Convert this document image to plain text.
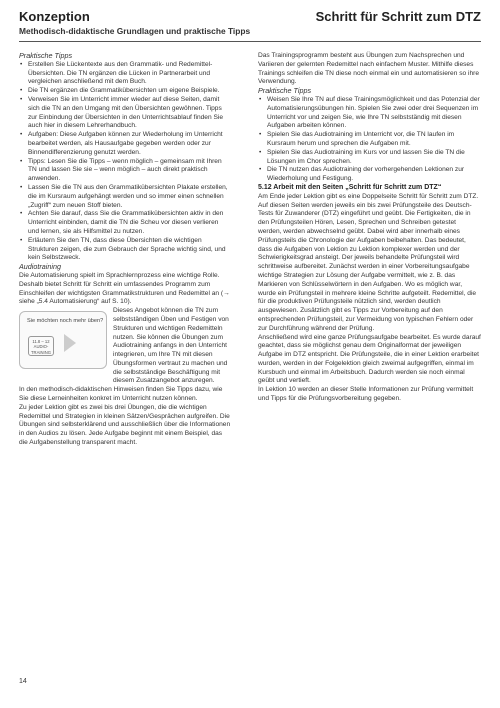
Konzeption
Methodisch-didaktische Grundlagen und praktische Tipps
Schritt für Schritt zum DTZ

Praktische Tipps

• Erstellen Sie Lückentexte aus den Grammatik- und Redemittel-Übersichten. Die TN ergänzen die Lücken in Partnerarbeit und vergleichen anschließend mit dem Buch.
• Die TN ergänzen die Grammatikübersichten um eigene Beispiele.
• Verweisen Sie im Unterricht immer wieder auf diese Seiten, damit sich die TN an den Umgang mit den Übersichten gewöhnen. Tipps zur Einbindung der Übersichten in den Unterrichtsablauf finden Sie auch hier in diesem Lehrerhandbuch.
• Aufgaben: Diese Aufgaben können zur Wiederholung im Unterricht bearbeitet werden, als Hausaufgabe gegeben werden oder zur Binnendifferenzierung genutzt werden.
• Tipps: Lesen Sie die Tipps – wenn möglich – gemeinsam mit Ihren TN und lassen Sie sie – wenn möglich – auch direkt praktisch anwenden.
• Lassen Sie die TN aus den Grammatikübersichten Plakate erstellen, die im Kursraum aufgehängt werden und so immer einen schnellen „Zugriff“ zum neuen Stoff bieten.
• Achten Sie darauf, dass Sie die Grammatikübersichten aktiv in den Unterricht einbinden, damit die TN die Scheu vor diesen verlieren und lernen, sie als Hilfsmittel zu nutzen.
• Erläutern Sie den TN, dass diese Übersichten die wichtigen Strukturen zeigen, die zum Gebrauch der Sprache wichtig sind, und kein Selbstzweck.

Audiotraining

Die Automatisierung spielt im Sprachlernprozess eine wichtige Rolle. Deshalb bietet Schritt für Schritt ein umfassendes Programm zum Einschleifen der wichtigsten Grammatikstrukturen und Redemittel an (→ siehe „5.4 Automatisierung“ auf S. 10).

Sie möchten noch mehr üben?
11.8 – 12 AUDIO-TRAINING

Dieses Angebot können die TN zum selbstständigen Üben und Festigen von Strukturen und wichtigen Redemitteln nutzen. Sie können die Übungen zum Audiotraining anfangs in den Unterricht integrieren, um Ihre TN mit diesen Übungsformen vertraut zu machen und die selbstständige Beschäftigung mit diesem Zusatzangebot anzuregen.

In den methodisch-didaktischen Hinweisen finden Sie Tipps dazu, wie Sie diese Lerneinheiten konkret im Unterricht nutzen können.

Zu jeder Lektion gibt es zwei bis drei Übungen, die die wichtigen Redemittel und Strategien in kleinen Sätzen/Gesprächen aufgreifen. Die Übungen sind selbsterklärend und ausschließlich über die Informationen in den Audios zu lösen. Jede Aufgabe beginnt mit einem Beispiel, das die Aufgabenstellung transparent macht.

Das Trainingsprogramm besteht aus Übungen zum Nachsprechen und Variieren der gelernten Redemittel nach einfachem Muster. Mithilfe dieses Trainings schleifen die TN diese noch einmal ein und automatisieren so ihre Verwendung.

Praktische Tipps

• Weisen Sie Ihre TN auf diese Trainingsmöglichkeit und das Potenzial der Automatisierungsübungen hin. Spielen Sie zwei oder drei Sequenzen im Unterricht vor und zeigen Sie, wie Ihre TN selbstständig mit diesen Aufgaben arbeiten können.
• Spielen Sie das Audiotraining im Unterricht vor, die TN laufen im Kursraum herum und sprechen die Aufgaben mit.
• Spielen Sie das Audiotraining im Kurs vor und lassen Sie die TN die Lösungen im Chor sprechen.
• Die TN nutzen das Audiotraining der vorhergehenden Lektionen zur Wiederholung und Festigung.

5.12 Arbeit mit den Seiten „Schritt für Schritt zum DTZ“

Am Ende jeder Lektion gibt es eine Doppelseite Schritt für Schritt zum DTZ. Auf diesen Seiten werden jeweils ein bis zwei Prüfungsteile des Deutsch-Tests für Zuwanderer (DTZ) eingeführt und geübt. Die Fertigkeiten, die in den Prüfungsteilen Hören, Lesen, Sprechen und Schreiben getestet werden, werden abwechselnd geübt. Dabei wird aber innerhalb eines Prüfungsteils die Chronologie der Aufgaben beibehalten. Das bedeutet, dass die Aufgaben von Lektion zu Lektion komplexer werden und der Schwierigkeitsgrad ansteigt. Der jeweils behandelte Prüfungsteil wird schrittweise aufbereitet. Zunächst werden in einer Vorbereitungsaufgabe wichtige Strategien zur Lösung der Aufgabe vermittelt, wie z. B. das Markieren von Schlüsselwörtern in den Aufgaben. Wo es möglich war, wurde ein Prüfungsteil in mehrere kleine Schritte aufgeteilt. Redemittel, die für die produktiven Prüfungsteile nützlich sind, werden deutlich ausgewiesen. Zusätzlich gibt es Tipps zur Vorbereitung auf den entsprechenden Prüfungsteil, zur Vermeidung von typischen Fehlern oder zur Durchführung während der Prüfung.

Anschließend wird eine ganze Prüfungsaufgabe bearbeitet. Es wurde darauf geachtet, dass sie möglichst genau dem Originalformat der jeweiligen Aufgabe im DTZ entspricht. Die Prüfungsteile, die in einer Lektion erarbeitet wurden, werden in der Folgelektion gleich zweimal aufgegriffen, einmal im Kursbuch und einmal im Arbeitsbuch. Dadurch werden sie noch einmal geübt und vertieft.

In Lektion 10 werden an dieser Stelle Informationen zur Prüfung vermittelt und Tipps für die Prüfungsvorbereitung gegeben.

14
